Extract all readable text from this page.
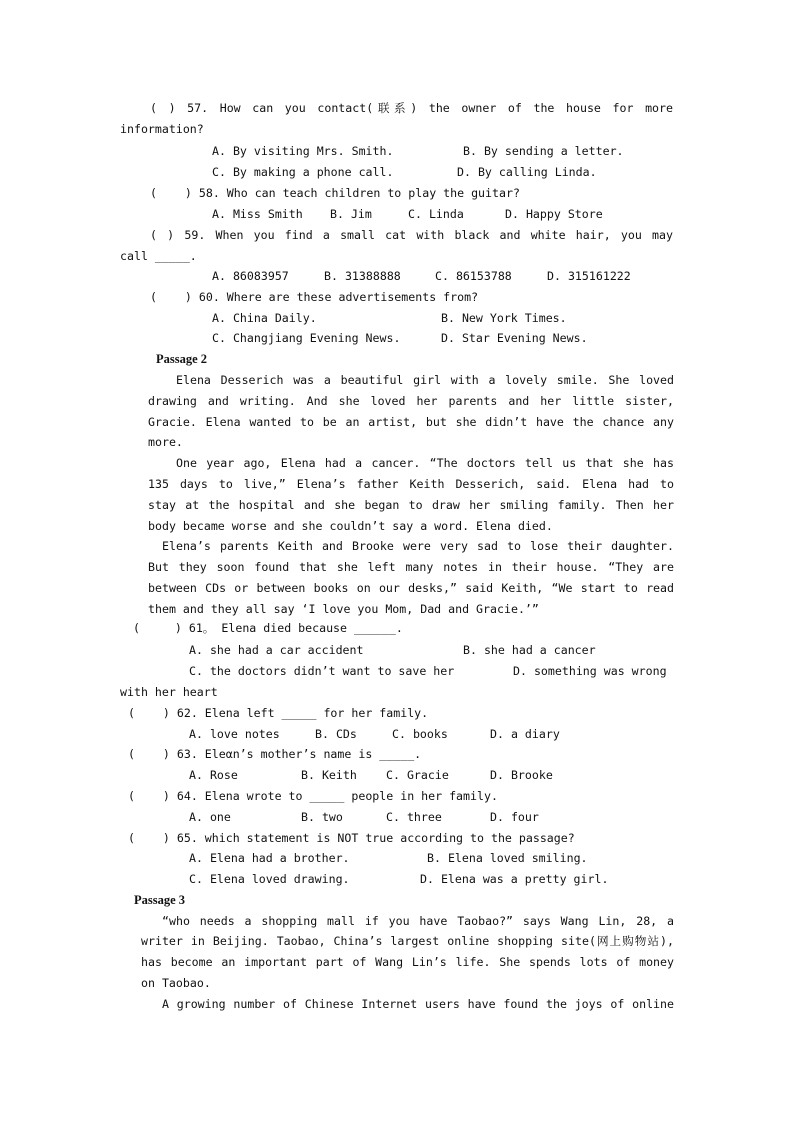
( ) 57. How can you contact(联系) the owner of the house for more
information?
A. By visiting Mrs. Smith.	B. By sending a letter.
C. By making a phone call.	D. By calling Linda.
(    ) 58. Who can teach children to play the guitar?
A. Miss Smith B. Jim	C. Linda	D. Happy Store
( ) 59. When you find a small cat with black and white hair, you may
call _____.
A. 86083957	B. 31388888	C. 86153788	D. 315161222
(    ) 60. Where are these advertisements from?
A. China Daily.	B. New York Times.
C. Changjiang Evening News.	D. Star Evening News.
Passage 2
Elena Desserich was a beautiful girl with a lovely smile. She loved
drawing and writing. And she loved her parents and her little sister,
Gracie. Elena wanted to be an artist, but she didn’t have the chance any
more.
One year ago, Elena had a cancer. “The doctors tell us that she has
135 days to live,” Elena’s father Keith Desserich, said. Elena had to
stay at the hospital and she began to draw her smiling family. Then her
body became worse and she couldn’t say a word. Elena died.
Elena’s parents Keith and Brooke were very sad to lose their daughter.
But they soon found that she left many notes in their house. “They are
between CDs or between books on our desks,” said Keith, “We start to read
them and they all say ‘I love you Mom, Dad and Gracie.’”
(     ) 61。 Elena died because ______.
A. she had a car accident	B. she had a cancer
C. the doctors didn’t want to save her	D. something was wrong
with her heart
(    ) 62. Elena left _____ for her family.
A. love notes	B. CDs	C. books	D. a diary
(    ) 63. Eleαn’s mother’s name is _____.
A. Rose	B. Keith	C. Gracie	D. Brooke
(    ) 64. Elena wrote to _____ people in her family.
A. one	B. two	C. three	D. four
(    ) 65. which statement is NOT true according to the passage?
A. Elena had a brother.	B. Elena loved smiling.
C. Elena loved drawing.	D. Elena was a pretty girl.
Passage 3
“who needs a shopping mall if you have Taobao?” says Wang Lin, 28, a
writer in Beijing. Taobao, China’s largest online shopping site(网上购物站),
has become an important part of Wang Lin’s life. She spends lots of money
on Taobao.
A growing number of Chinese Internet users have found the joys of online
